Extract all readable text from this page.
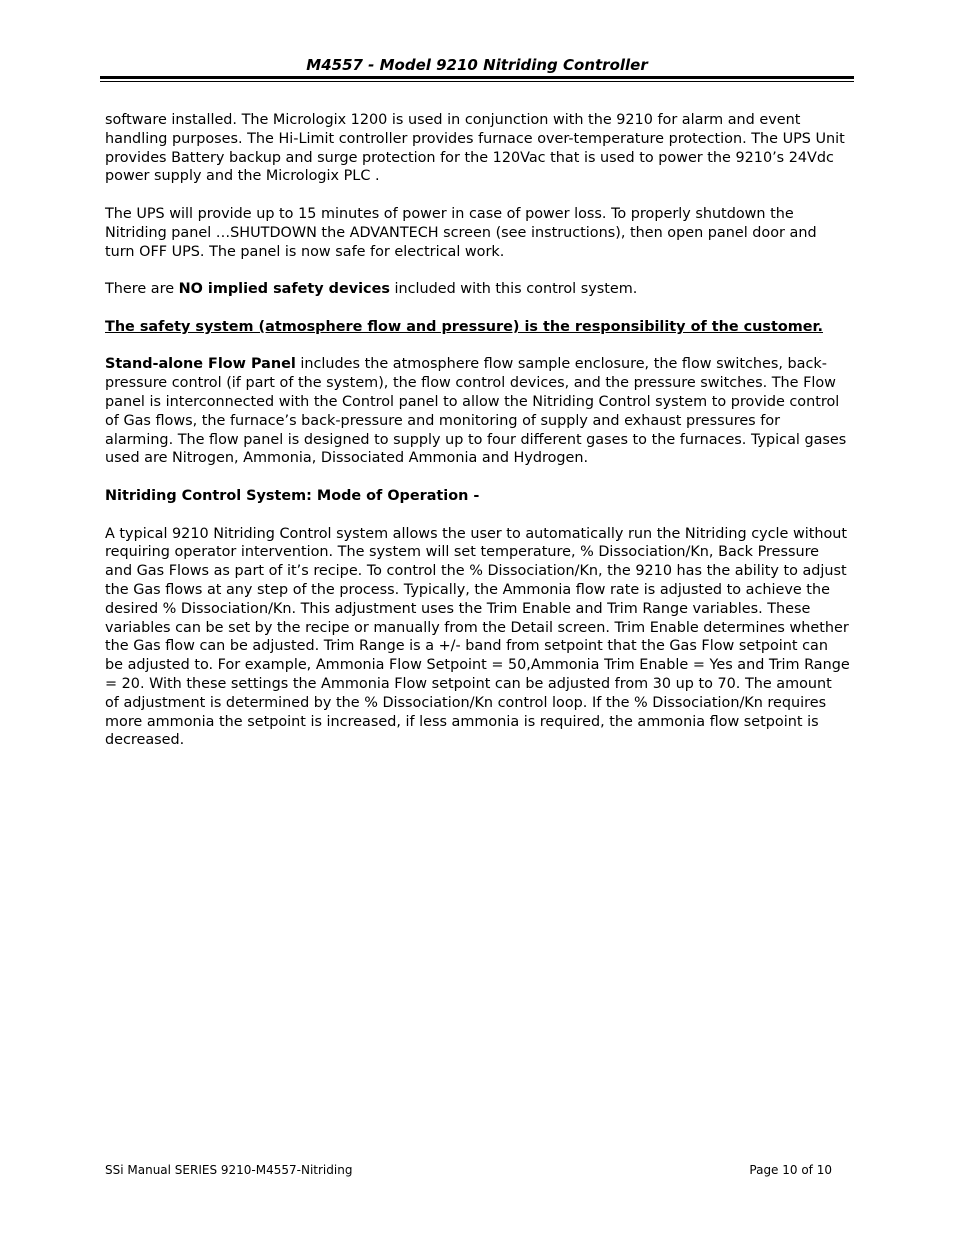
M4557 - Model 9210 Nitriding Controller

software installed. The Micrologix 1200 is used in conjunction with the 9210 for alarm and event handling purposes. The Hi-Limit controller provides furnace over-temperature protection. The UPS Unit provides Battery backup and surge protection for the 120Vac that is used to power the 9210’s 24Vdc power supply and the Micrologix PLC .

The UPS will provide up to 15 minutes of power in case of power loss. To properly shutdown the Nitriding panel …SHUTDOWN the ADVANTECH screen (see instructions), then open panel door and turn OFF UPS. The panel is now safe for electrical work.

There are NO implied safety devices included with this control system.

The safety system (atmosphere flow and pressure) is the responsibility of the customer.

Stand-alone Flow Panel includes the atmosphere flow sample enclosure, the flow switches, back-pressure control (if part of the system), the flow control devices, and the pressure switches. The Flow panel is interconnected with the Control panel to allow the Nitriding Control system to provide control of Gas flows, the furnace’s back-pressure and monitoring of supply and exhaust pressures for alarming. The flow panel is designed to supply up to four different gases to the furnaces. Typical gases used are Nitrogen, Ammonia, Dissociated Ammonia and Hydrogen.

Nitriding Control System: Mode of Operation -

A typical 9210 Nitriding Control system allows the user to automatically run the Nitriding cycle without requiring operator intervention. The system will set temperature, % Dissociation/Kn, Back Pressure and Gas Flows as part of it’s recipe. To control the % Dissociation/Kn, the 9210 has the ability to adjust the Gas flows at any step of the process. Typically, the Ammonia flow rate is adjusted to achieve the desired % Dissociation/Kn. This adjustment uses the Trim Enable and Trim Range variables. These variables can be set by the recipe or manually from the Detail screen. Trim Enable determines whether the Gas flow can be adjusted. Trim Range is a +/- band from setpoint that the Gas Flow setpoint can be adjusted to. For example, Ammonia Flow Setpoint = 50,Ammonia Trim Enable = Yes and Trim Range = 20. With these settings the Ammonia Flow setpoint can be adjusted from 30 up to 70. The amount of adjustment is determined by the % Dissociation/Kn control loop. If the % Dissociation/Kn requires more ammonia the setpoint is increased, if less ammonia is required, the ammonia flow setpoint is decreased.

SSi Manual SERIES 9210-M4557-Nitriding	Page 10 of 10
